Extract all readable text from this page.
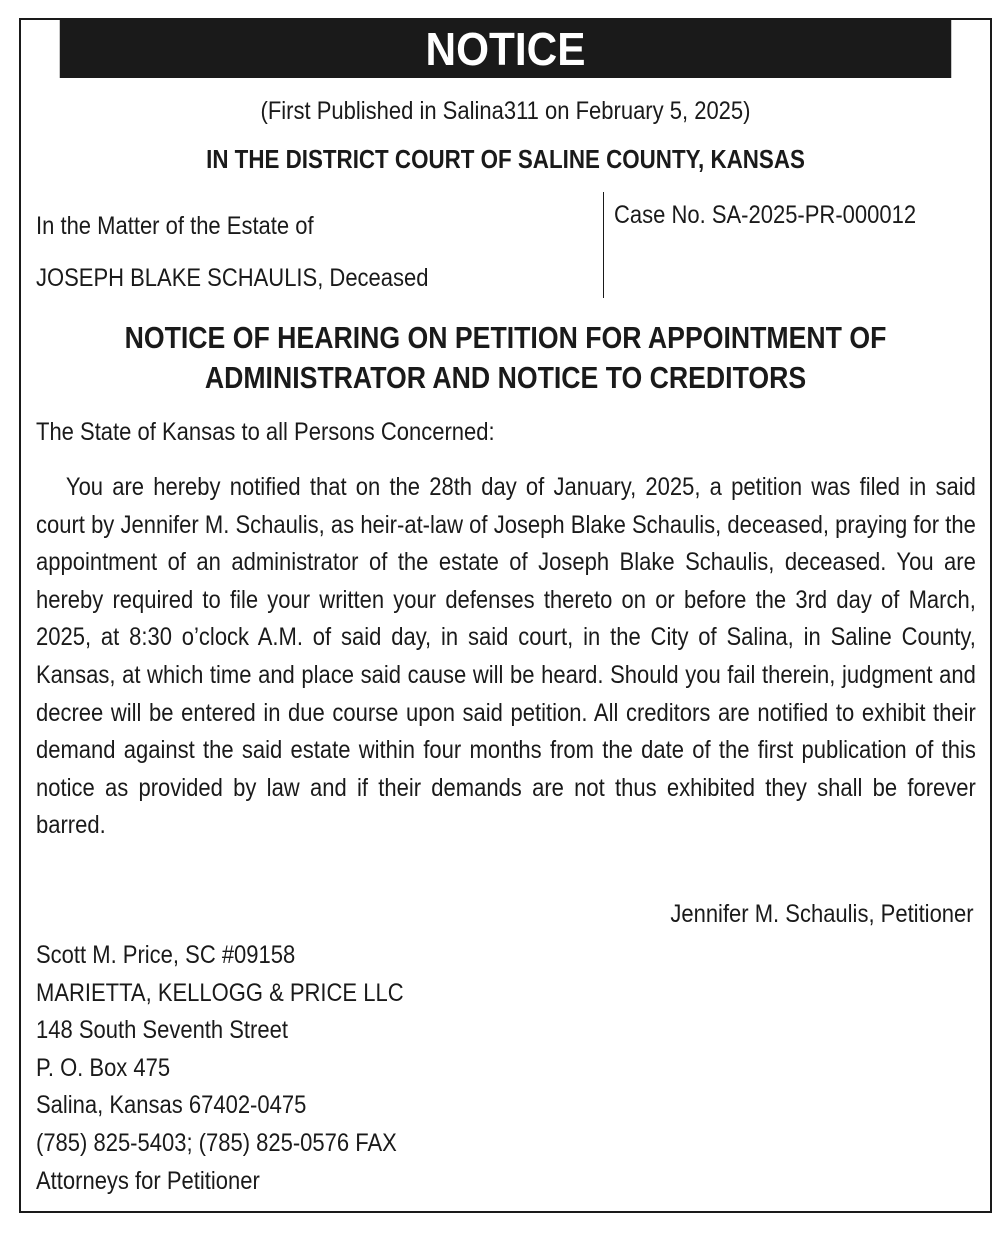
NOTICE
(First Published in Salina311 on February 5, 2025)
IN THE DISTRICT COURT OF SALINE COUNTY, KANSAS
In the Matter of the Estate of
JOSEPH BLAKE SCHAULIS, Deceased
Case No. SA-2025-PR-000012
NOTICE OF HEARING ON PETITION FOR APPOINTMENT OF
ADMINISTRATOR AND NOTICE TO CREDITORS
The State of Kansas to all Persons Concerned:
You are hereby notified that on the 28th day of January, 2025, a petition was filed in said court by Jennifer M. Schaulis, as heir-at-law of Joseph Blake Schaulis, deceased, praying for the appointment of an administrator of the estate of Joseph Blake Schaulis, deceased. You are hereby required to file your written your defenses thereto on or before the 3rd day of March, 2025, at 8:30 o’clock A.M. of said day, in said court, in the City of Salina, in Saline County, Kansas, at which time and place said cause will be heard. Should you fail therein, judgment and decree will be entered in due course upon said petition. All creditors are notified to exhibit their demand against the said estate within four months from the date of the first publication of this notice as provided by law and if their demands are not thus exhibited they shall be forever barred.
Jennifer M. Schaulis, Petitioner
Scott M. Price, SC #09158
MARIETTA, KELLOGG & PRICE LLC
148 South Seventh Street
P. O. Box 475
Salina, Kansas 67402-0475
(785) 825-5403; (785) 825-0576 FAX
Attorneys for Petitioner
